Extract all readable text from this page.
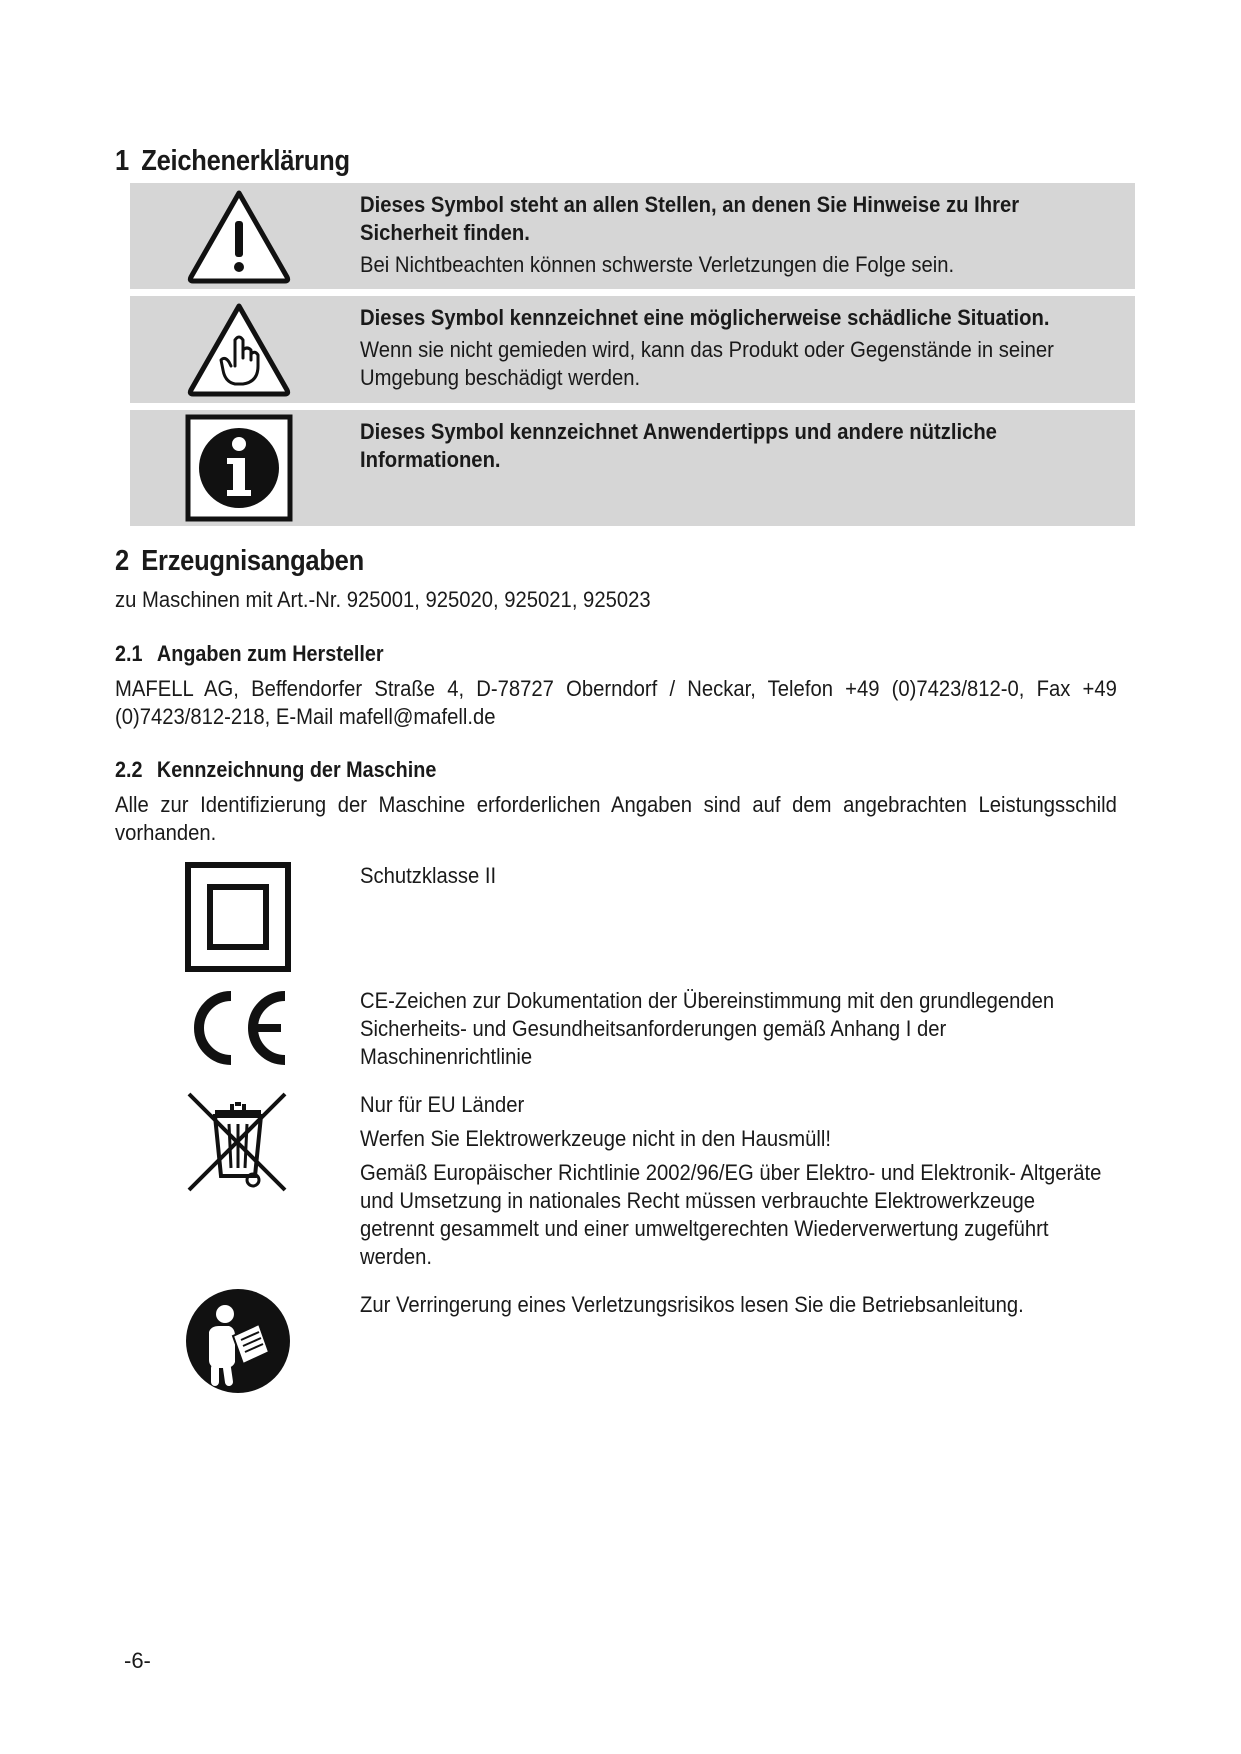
1 Zeichenerklärung
Dieses Symbol steht an allen Stellen, an denen Sie Hinweise zu Ihrer Sicherheit finden.
Bei Nichtbeachten können schwerste Verletzungen die Folge sein.
Dieses Symbol kennzeichnet eine möglicherweise schädliche Situation.
Wenn sie nicht gemieden wird, kann das Produkt oder Gegenstände in seiner Umgebung beschädigt werden.
Dieses Symbol kennzeichnet Anwendertipps und andere nützliche Informationen.
2 Erzeugnisangaben
zu Maschinen mit Art.-Nr. 925001, 925020, 925021, 925023
2.1 Angaben zum Hersteller
MAFELL AG, Beffendorfer Straße 4, D-78727 Oberndorf / Neckar, Telefon +49 (0)7423/812-0, Fax +49 (0)7423/812-218, E-Mail mafell@mafell.de
2.2 Kennzeichnung der Maschine
Alle zur Identifizierung der Maschine erforderlichen Angaben sind auf dem angebrachten Leistungsschild vorhanden.
Schutzklasse II
CE-Zeichen zur Dokumentation der Übereinstimmung mit den grundlegenden Sicherheits- und Gesundheitsanforderungen gemäß Anhang I der Maschinenrichtlinie
Nur für EU Länder
Werfen Sie Elektrowerkzeuge nicht in den Hausmüll!
Gemäß Europäischer Richtlinie 2002/96/EG über Elektro- und Elektronik- Altgeräte und Umsetzung in nationales Recht müssen verbrauchte Elektrowerkzeuge getrennt gesammelt und einer umweltgerechten Wiederverwertung zugeführt werden.
Zur Verringerung eines Verletzungsrisikos lesen Sie die Betriebsanleitung.
-6-
